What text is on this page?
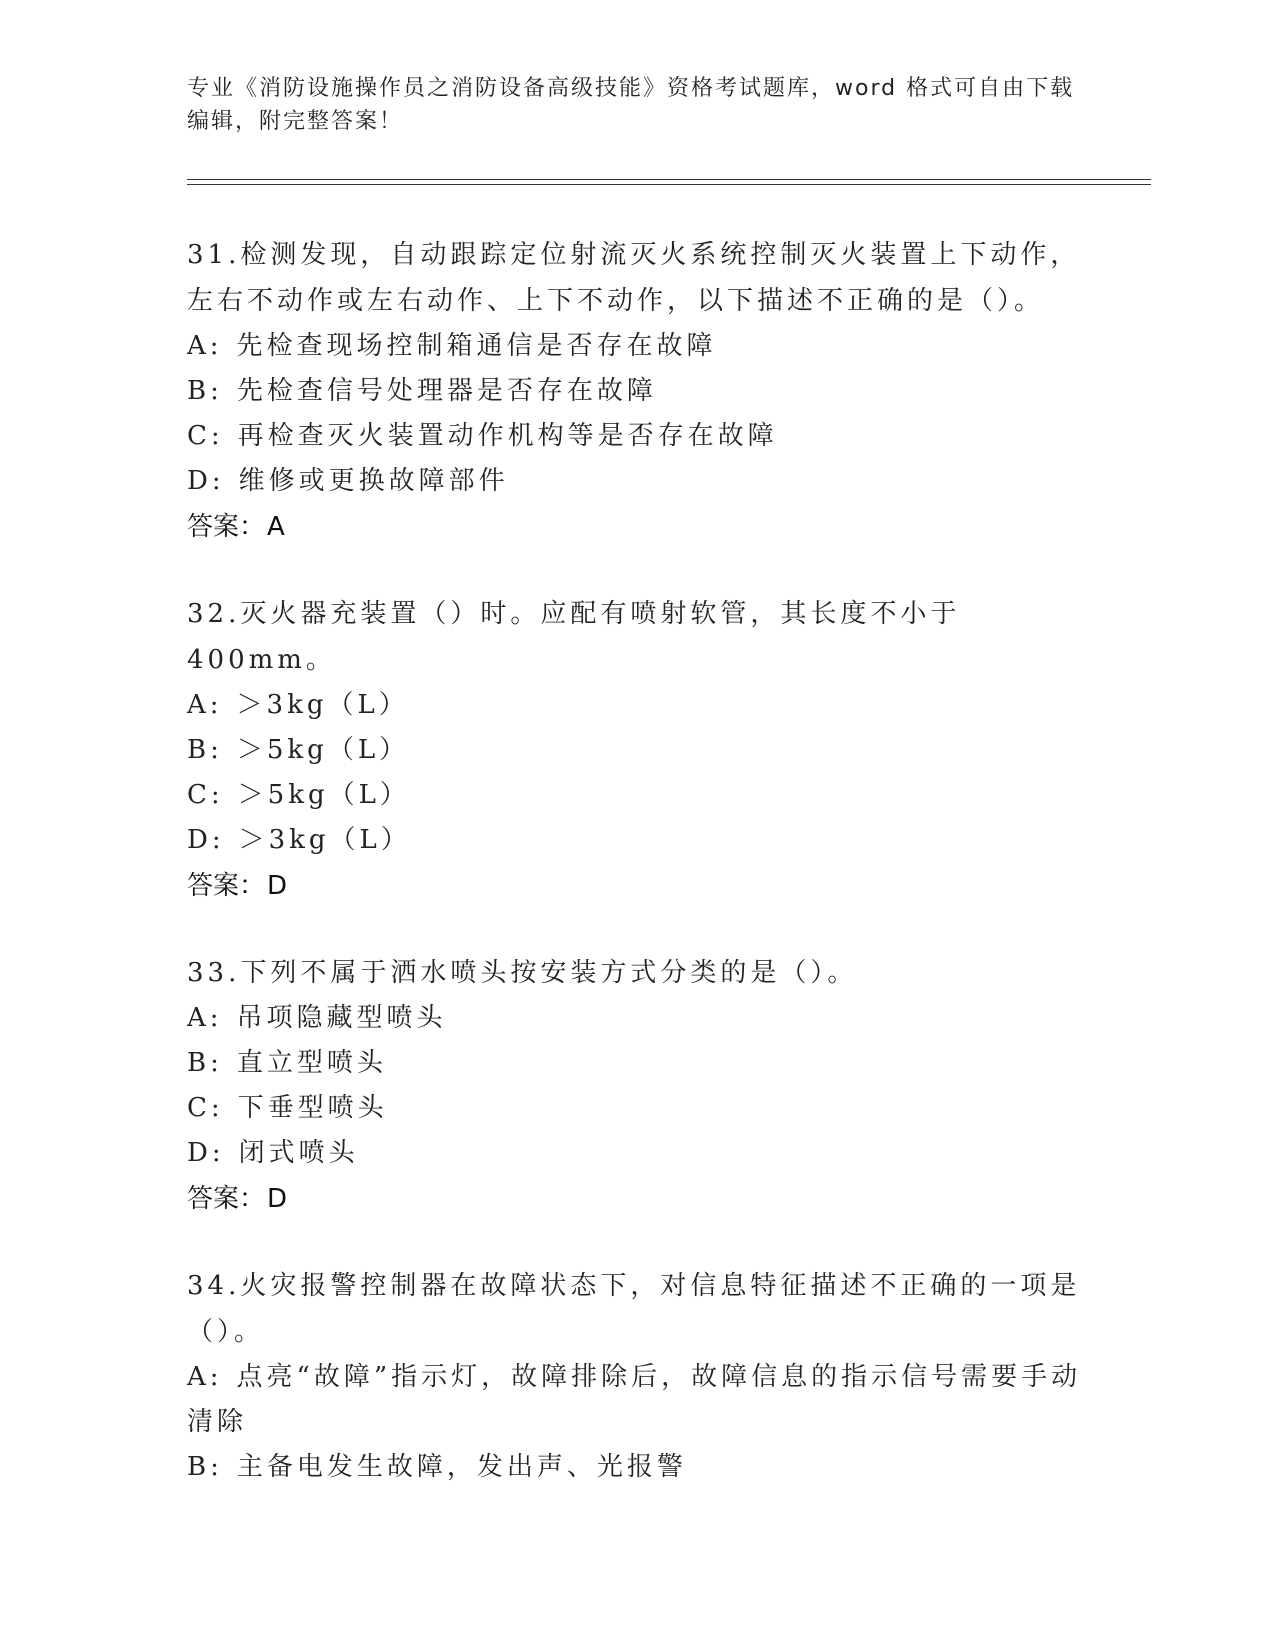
专业《消防设施操作员之消防设备高级技能》资格考试题库，word 格式可自由下载编辑，附完整答案！
31.检测发现，自动跟踪定位射流灭火系统控制灭火装置上下动作，左右不动作或左右动作、上下不动作，以下描述不正确的是（）。
A: 先检查现场控制箱通信是否存在故障
B: 先检查信号处理器是否存在故障
C: 再检查灭火装置动作机构等是否存在故障
D: 维修或更换故障部件
答案：A
32.灭火器充装置（）时。应配有喷射软管，其长度不小于 400mm。
A: ＞3kg（L）
B: ＞5kg（L）
C: ＞5kg（L）
D: ＞3kg（L）
答案：D
33.下列不属于洒水喷头按安装方式分类的是（）。
A: 吊项隐藏型喷头
B: 直立型喷头
C: 下垂型喷头
D: 闭式喷头
答案：D
34.火灾报警控制器在故障状态下，对信息特征描述不正确的一项是（）。
A: 点亮“故障”指示灯，故障排除后，故障信息的指示信号需要手动清除
B: 主备电发生故障，发出声、光报警
